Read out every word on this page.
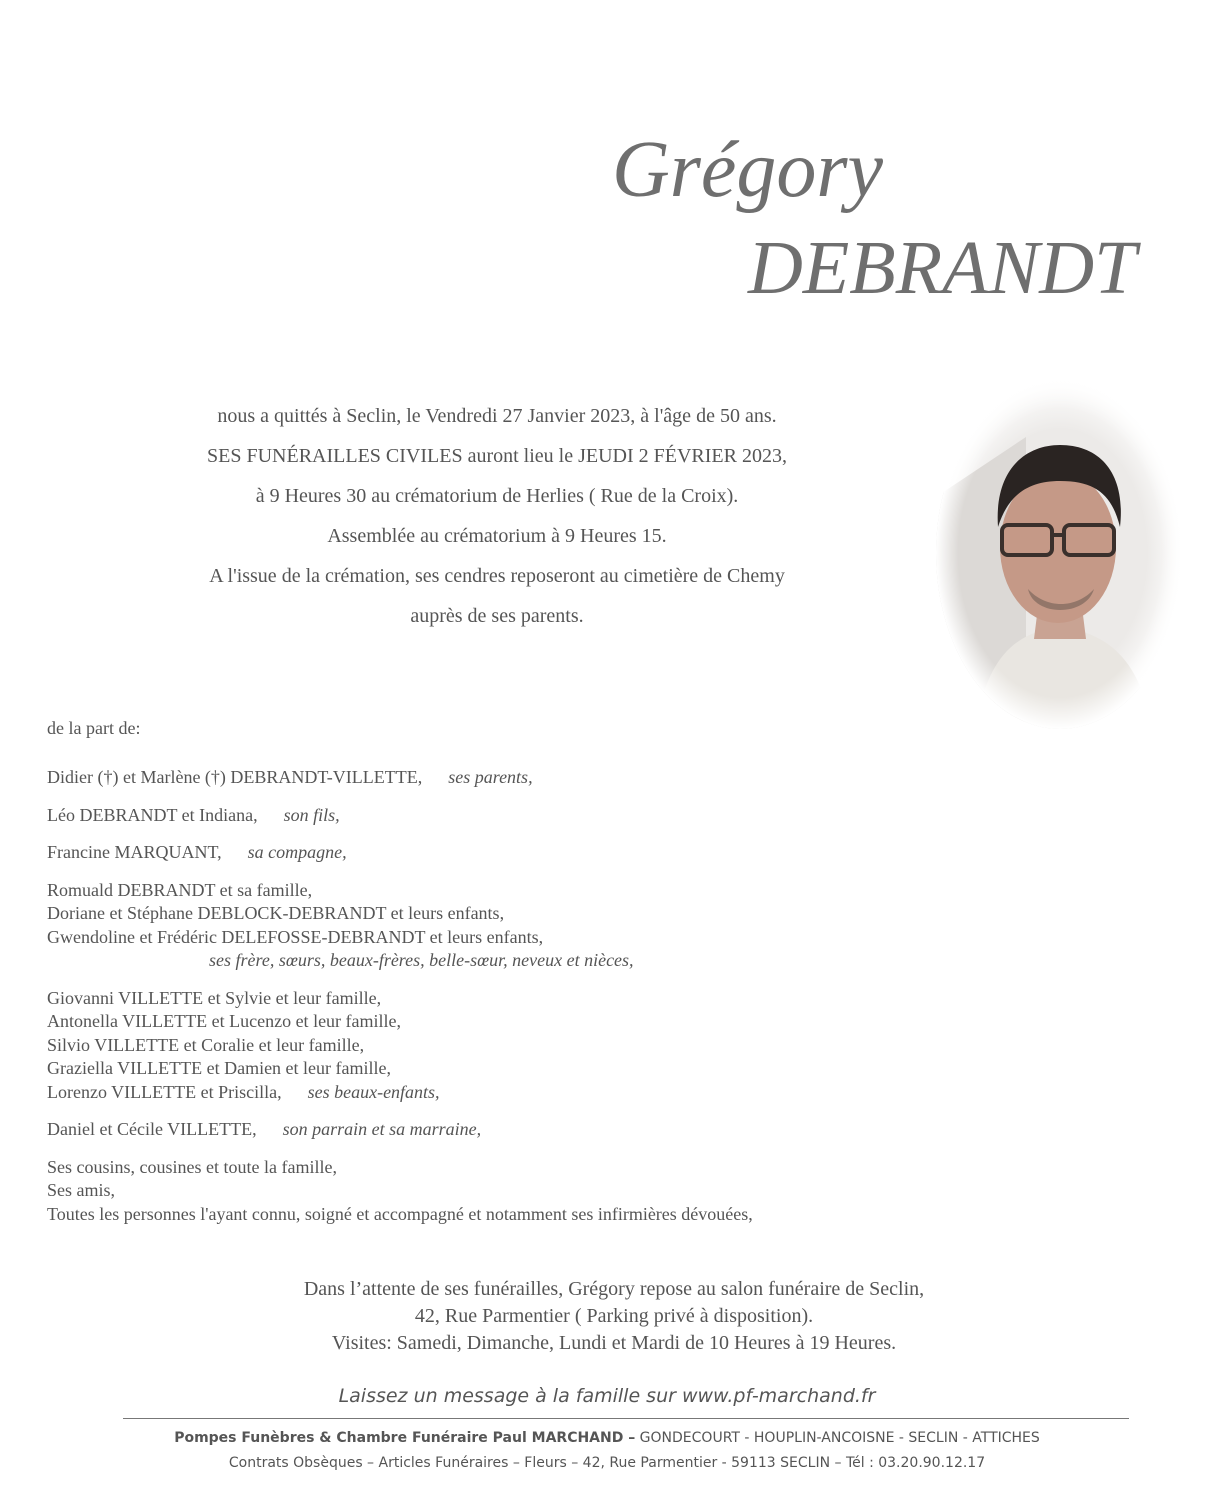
Grégory
DEBRANDT
nous a quittés à Seclin, le Vendredi 27 Janvier 2023, à l'âge de 50 ans.
SES FUNÉRAILLES CIVILES auront lieu le JEUDI 2 FÉVRIER 2023,
à 9 Heures 30 au crématorium de Herlies ( Rue de la Croix).
Assemblée au crématorium à 9 Heures 15.
A l'issue de la crémation, ses cendres reposeront au cimetière de Chemy
auprès de ses parents.
de la part de:
Didier (†) et Marlène (†) DEBRANDT-VILLETTE, ses parents,
Léo DEBRANDT et Indiana, son fils,
Francine MARQUANT, sa compagne,
Romuald DEBRANDT et sa famille,
Doriane et Stéphane DEBLOCK-DEBRANDT et leurs enfants,
Gwendoline et Frédéric DELEFOSSE-DEBRANDT et leurs enfants,
ses frère, sœurs, beaux-frères, belle-sœur, neveux et nièces,
Giovanni VILLETTE et Sylvie et leur famille,
Antonella VILLETTE et Lucenzo et leur famille,
Silvio VILLETTE et Coralie et leur famille,
Graziella VILLETTE et Damien et leur famille,
Lorenzo VILLETTE et Priscilla, ses beaux-enfants,
Daniel et Cécile VILLETTE, son parrain et sa marraine,
Ses cousins, cousines et toute la famille,
Ses amis,
Toutes les personnes l'ayant connu, soigné et accompagné et notamment ses infirmières dévouées,
Dans l’attente de ses funérailles, Grégory repose au salon funéraire de Seclin,
42, Rue Parmentier ( Parking privé à disposition).
Visites: Samedi, Dimanche, Lundi et Mardi de 10 Heures à 19 Heures.
Laissez un message à la famille sur www.pf-marchand.fr
Pompes Funèbres & Chambre Funéraire Paul MARCHAND – GONDECOURT - HOUPLIN-ANCOISNE - SECLIN - ATTICHES
Contrats Obsèques – Articles Funéraires – Fleurs – 42, Rue Parmentier - 59113 SECLIN – Tél : 03.20.90.12.17
